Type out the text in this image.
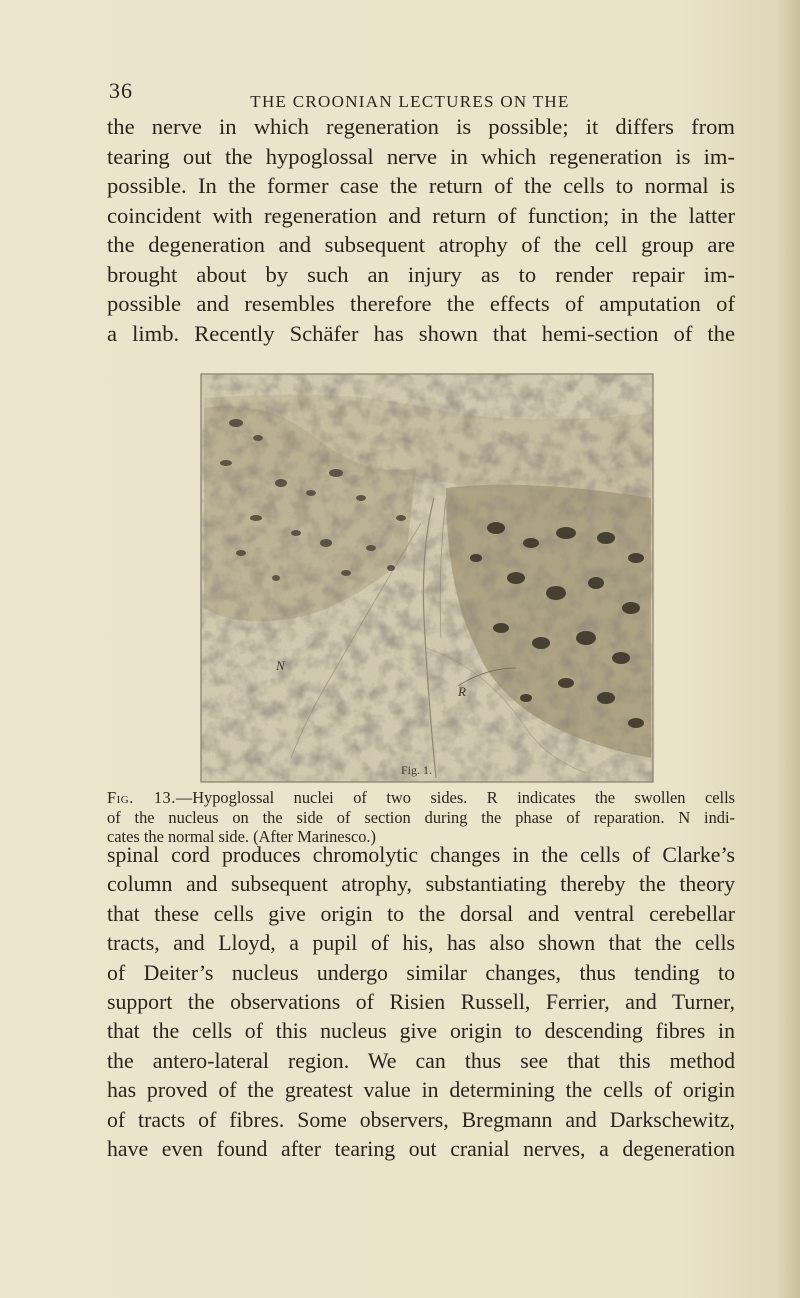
36	THE CROONIAN LECTURES ON THE
the nerve in which regeneration is possible; it differs from
tearing out the hypoglossal nerve in which regeneration is im-
possible. In the former case the return of the cells to normal is
coincident with regeneration and return of function; in the latter
the degeneration and subsequent atrophy of the cell group are
brought about by such an injury as to render repair im-
possible and resembles therefore the effects of amputation of
a limb. Recently Schäfer has shown that hemi-section of the
N
R
Fig. 1.
Fig. 13.—Hypoglossal nuclei of two sides. R indicates the swollen cells
of the nucleus on the side of section during the phase of reparation. N indi-
cates the normal side. (After Marinesco.)
spinal cord produces chromolytic changes in the cells of Clarke’s
column and subsequent atrophy, substantiating thereby the theory
that these cells give origin to the dorsal and ventral cerebellar
tracts, and Lloyd, a pupil of his, has also shown that the cells
of Deiter’s nucleus undergo similar changes, thus tending to
support the observations of Risien Russell, Ferrier, and Turner,
that the cells of this nucleus give origin to descending fibres in
the antero-lateral region. We can thus see that this method
has proved of the greatest value in determining the cells of origin
of tracts of fibres. Some observers, Bregmann and Darkschewitz,
have even found after tearing out cranial nerves, a degeneration
